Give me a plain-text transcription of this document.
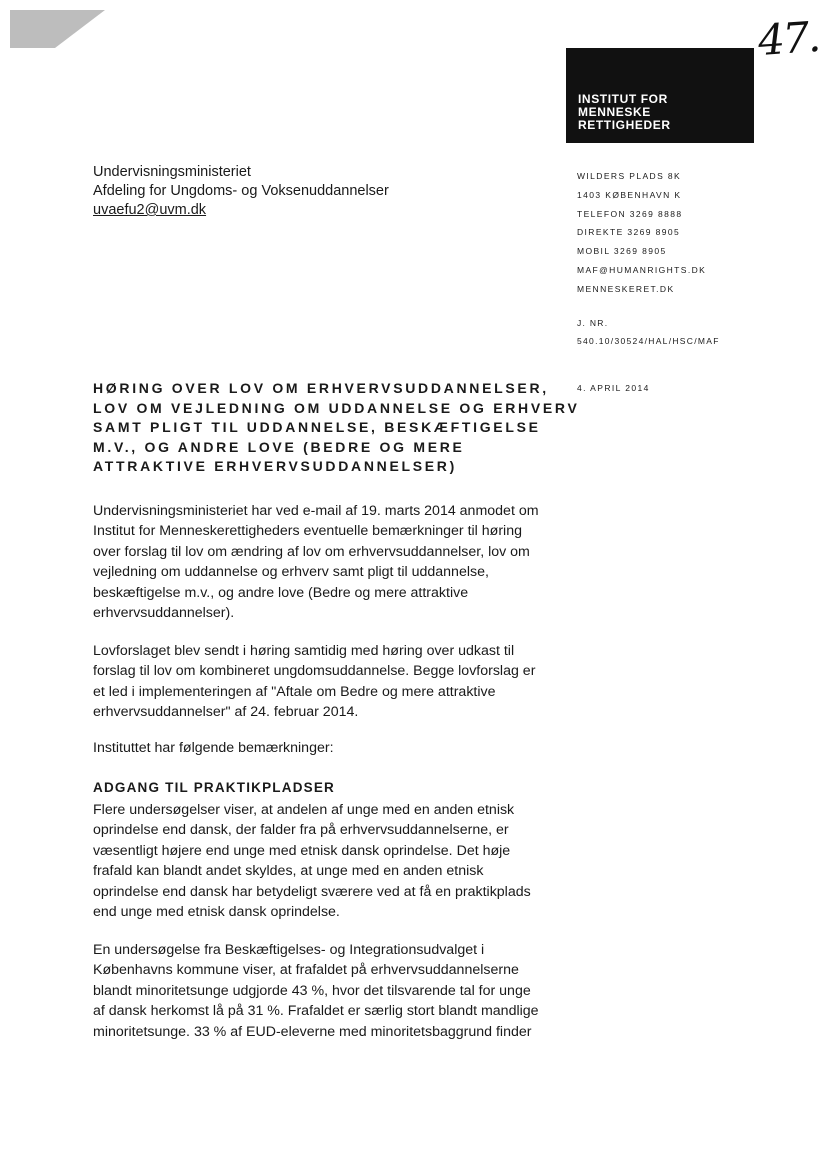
47.
INSTITUT FOR
MENNESKE
RETTIGHEDER
Undervisningsministeriet
Afdeling for Ungdoms- og Voksenuddannelser
uvaefu2@uvm.dk
WILDERS PLADS 8K
1403 KØBENHAVN K
TELEFON 3269 8888
DIREKTE 3269 8905
MOBIL 3269 8905
MAF@HUMANRIGHTS.DK
MENNESKERET.DK
J. NR.
540.10/30524/HAL/HSC/MAF
4. APRIL 2014
HØRING OVER LOV OM ERHVERVSUDDANNELSER,
LOV OM VEJLEDNING OM UDDANNELSE OG ERHVERV
SAMT PLIGT TIL UDDANNELSE, BESKÆFTIGELSE
M.V., OG ANDRE LOVE (BEDRE OG MERE
ATTRAKTIVE ERHVERVSUDDANNELSER)
Undervisningsministeriet har ved e-mail af 19. marts 2014 anmodet om
Institut for Menneskerettigheders eventuelle bemærkninger til høring
over forslag til lov om ændring af lov om erhvervsuddannelser, lov om
vejledning om uddannelse og erhverv samt pligt til uddannelse,
beskæftigelse m.v., og andre love (Bedre og mere attraktive
erhvervsuddannelser).
Lovforslaget blev sendt i høring samtidig med høring over udkast til
forslag til lov om kombineret ungdomsuddannelse. Begge lovforslag er
et led i implementeringen af "Aftale om Bedre og mere attraktive
erhvervsuddannelser" af 24. februar 2014.
Instituttet har følgende bemærkninger:
ADGANG TIL PRAKTIKPLADSER
Flere undersøgelser viser, at andelen af unge med en anden etnisk
oprindelse end dansk, der falder fra på erhvervsuddannelserne, er
væsentligt højere end unge med etnisk dansk oprindelse. Det høje
frafald kan blandt andet skyldes, at unge med en anden etnisk
oprindelse end dansk har betydeligt sværere ved at få en praktikplads
end unge med etnisk dansk oprindelse.
En undersøgelse fra Beskæftigelses- og Integrationsudvalget i
Københavns kommune viser, at frafaldet på erhvervsuddannelserne
blandt minoritetsunge udgjorde 43 %, hvor det tilsvarende tal for unge
af dansk herkomst lå på 31 %. Frafaldet er særlig stort blandt mandlige
minoritetsunge. 33 % af EUD-eleverne med minoritetsbaggrund finder
